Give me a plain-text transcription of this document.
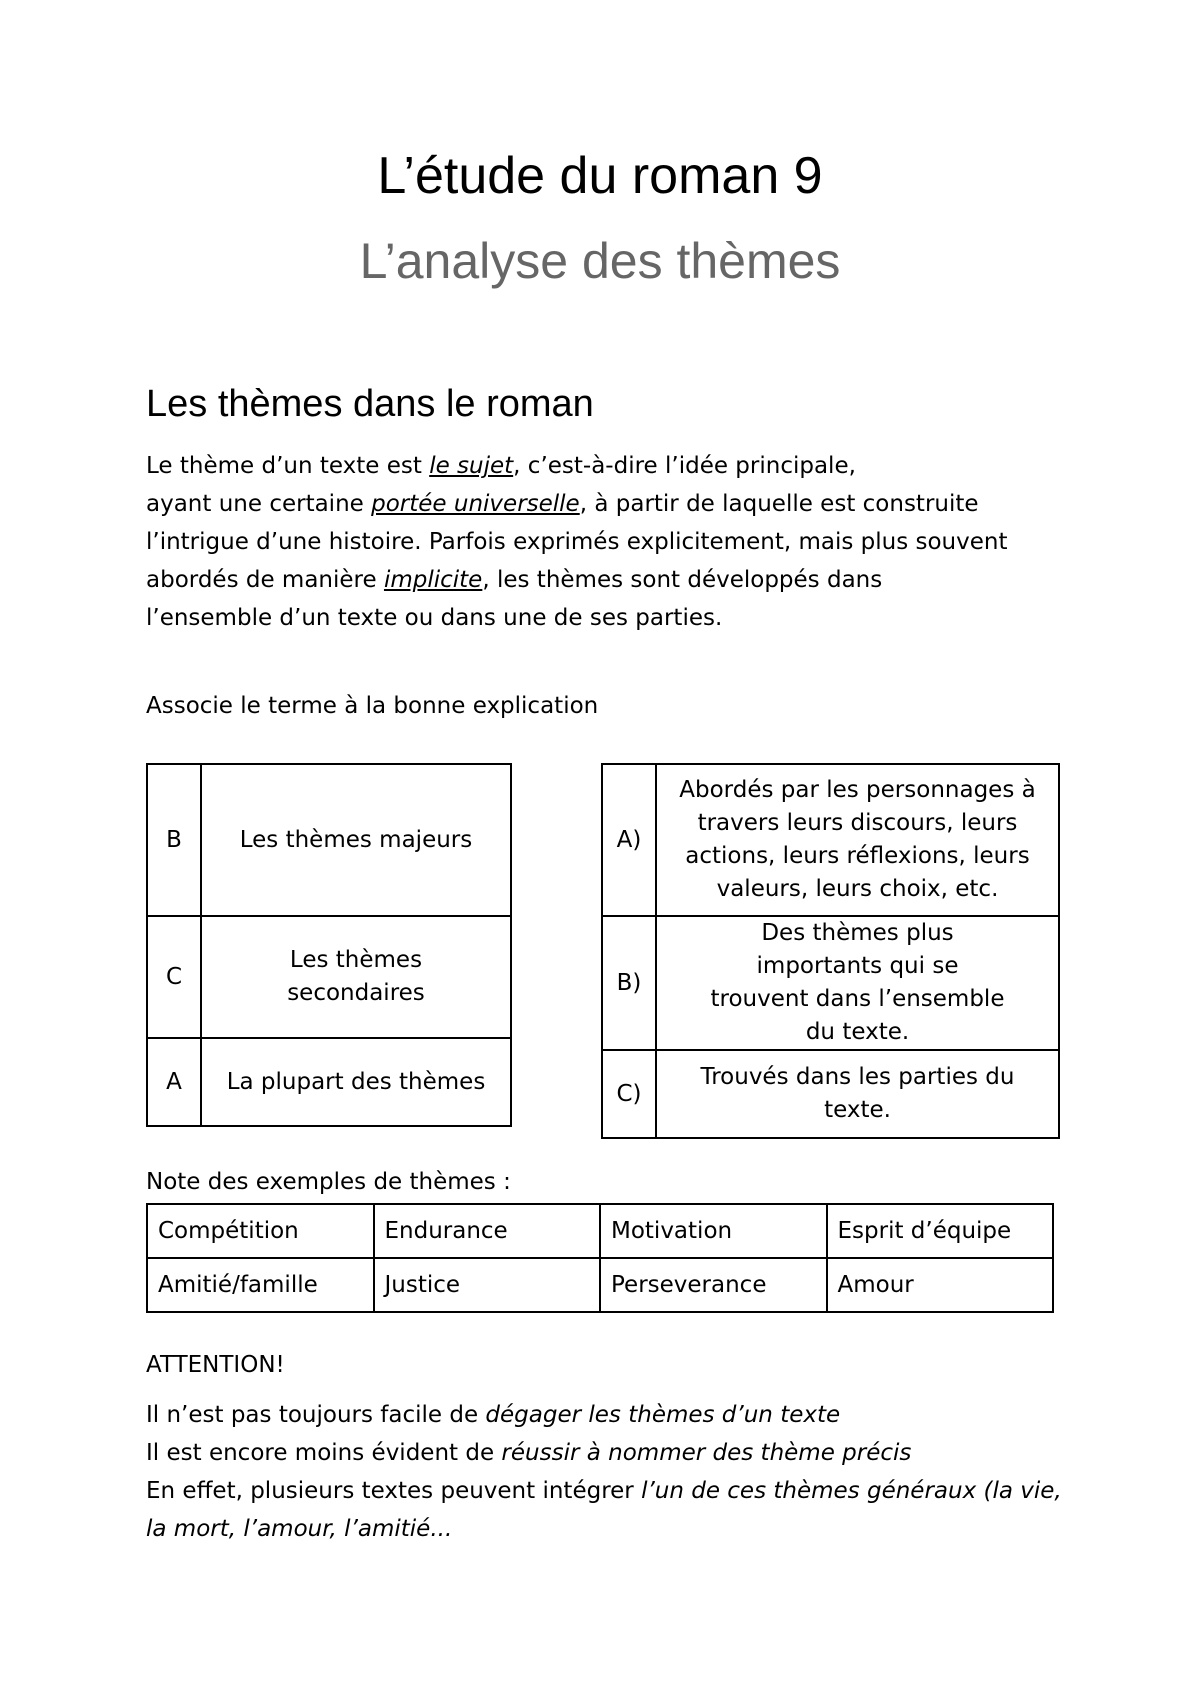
L’étude du roman 9
L’analyse des thèmes
Les thèmes dans le roman
Le thème d’un texte est le sujet, c’est-à-dire l’idée principale,
ayant une certaine portée universelle, à partir de laquelle est construite
l’intrigue d’une histoire. Parfois exprimés explicitement, mais plus souvent
abordés de manière implicite, les thèmes sont développés dans
l’ensemble d’un texte ou dans une de ses parties.
Associe le terme à la bonne explication
B	Les thèmes majeurs
C	Les thèmes secondaires
A	La plupart des thèmes
A)	Abordés par les personnages à travers leurs discours, leurs actions, leurs réflexions, leurs valeurs, leurs choix, etc.
B)	Des thèmes plus importants qui se trouvent dans l’ensemble du texte.
C)	Trouvés dans les parties du texte.
Note des exemples de thèmes :
Compétition	Endurance	Motivation	Esprit d’équipe
Amitié/famille	Justice	Perseverance	Amour
ATTENTION!
Il n’est pas toujours facile de dégager les thèmes d’un texte
Il est encore moins évident de réussir à nommer des thème précis
En effet, plusieurs textes peuvent intégrer l’un de ces thèmes généraux (la vie, la mort, l’amour, l’amitié...
